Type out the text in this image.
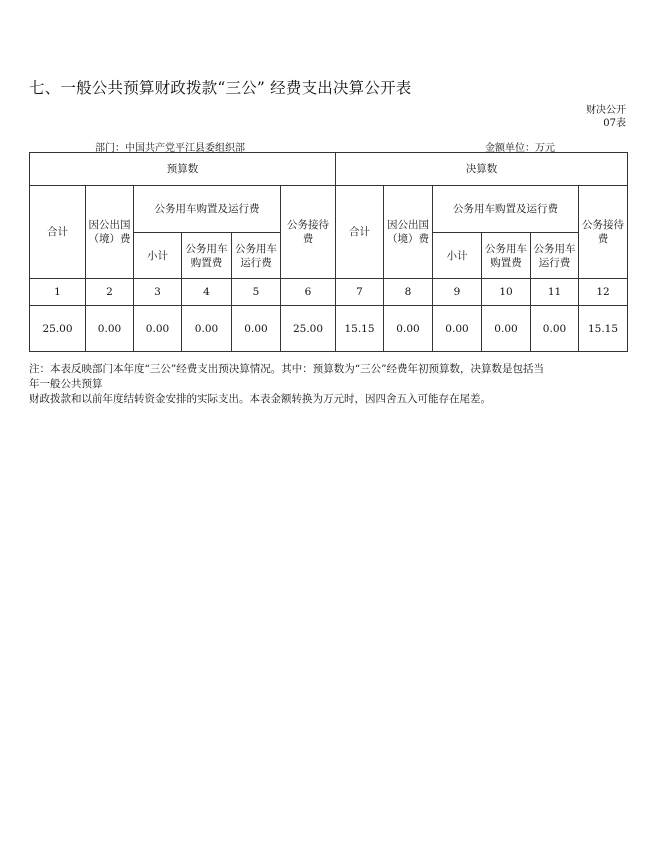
七、一般公共预算财政拨款“三公” 经费支出决算公开表
财决公开
07表
部门：中国共产党平江县委组织部	金额单位：万元
预算数						决算数					
合计	因公出国（境）费	公务用车购置及运行费			公务接待费	合计	因公出国（境）费	公务用车购置及运行费			公务接待费
		小计	公务用车购置费	公务用车运行费				小计	公务用车购置费	公务用车运行费	
1	2	3	4	5	6	7	8	9	10	11	12
25.00	0.00	0.00	0.00	0.00	25.00	15.15	0.00	0.00	0.00	0.00	15.15
注：本表反映部门本年度“三公”经费支出预决算情况。其中：预算数为“三公”经费年初预算数，决算数是包括当
年一般公共预算
财政拨款和以前年度结转资金安排的实际支出。本表金额转换为万元时，因四舍五入可能存在尾差。
